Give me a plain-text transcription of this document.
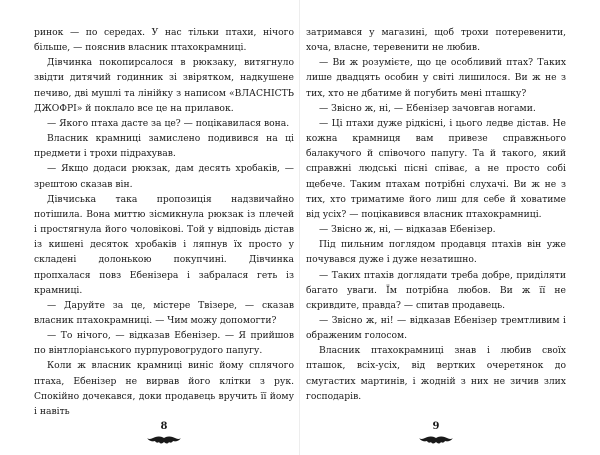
ринок — по середах. У нас тільки птахи, нічого більше, — пояснив власник птахокрамниці.

Дівчинка покопирсалося в рюкзаку, витягнуло звідти дитячий годинник зі звірятком, надкушене печиво, дві мушлі та лінійку з написом «ВЛАСНІСТЬ ДЖОФРІ» й поклало все це на прилавок.

— Якого птаха дасте за це? — поцікавилася вона.

Власник крамниці замислено подивився на ці предмети і трохи підрахував.

— Якщо додаси рюкзак, дам десять хробаків, — зрештою сказав він.

Дівчиська така пропозиція надзвичайно потішила. Вона миттю зісмикнула рюкзак із плечей і простягнула його чоловікові. Той у відповідь дістав із кишені десяток хробаків і ляпнув їх просто у складені долонькою покупчині. Дівчинка пропхалася повз Ебенізера і забралася геть із крамниці.

— Даруйте за це, містере Твізере, — сказав власник птахокрамниці. — Чим можу допомогти?

— То нічого, — відказав Ебенізер. — Я прийшов по вінтлоріанського пурпуровогрудого папугу.

Коли ж власник крамниці виніс йому сплячого птаха, Ебенізер не вирвав його клітки з рук. Спокійно дочекався, доки продавець вручить її йому і навіть

8

затримався у магазині, щоб трохи потеревенити, хоча, власне, теревенити не любив.

— Ви ж розумієте, що це особливий птах? Таких лише двадцять особин у світі лишилося. Ви ж не з тих, хто не дбатиме й погубить мені пташку?

— Звісно ж, ні, — Ебенізер зачовгав ногами.

— Ці птахи дуже рідкісні, і цього ледве дістав. Не кожна крамниця вам привезе справжнього балакучого й співочого папугу. Та й такого, який справжні людські пісні співає, а не просто собі щебече. Таким птахам потрібні слухачі. Ви ж не з тих, хто триматиме його лиш для себе й ховатиме від усіх? — поцікавився власник птахокрамниці.

— Звісно ж, ні, — відказав Ебенізер.

Під пильним поглядом продавця птахів він уже почувався дуже і дуже незатишно.

— Таких птахів доглядати треба добре, приділяти багато уваги. Їм потрібна любов. Ви ж її не скривдите, правда? — спитав продавець.

— Звісно ж, ні! — відказав Ебенізер тремтливим і ображеним голосом.

Власник птахокрамниці знав і любив своїх пташок, всіх-усіх, від вертких очеретянок до смугастих мартинів, і жодній з них не зичив злих господарів.

9
